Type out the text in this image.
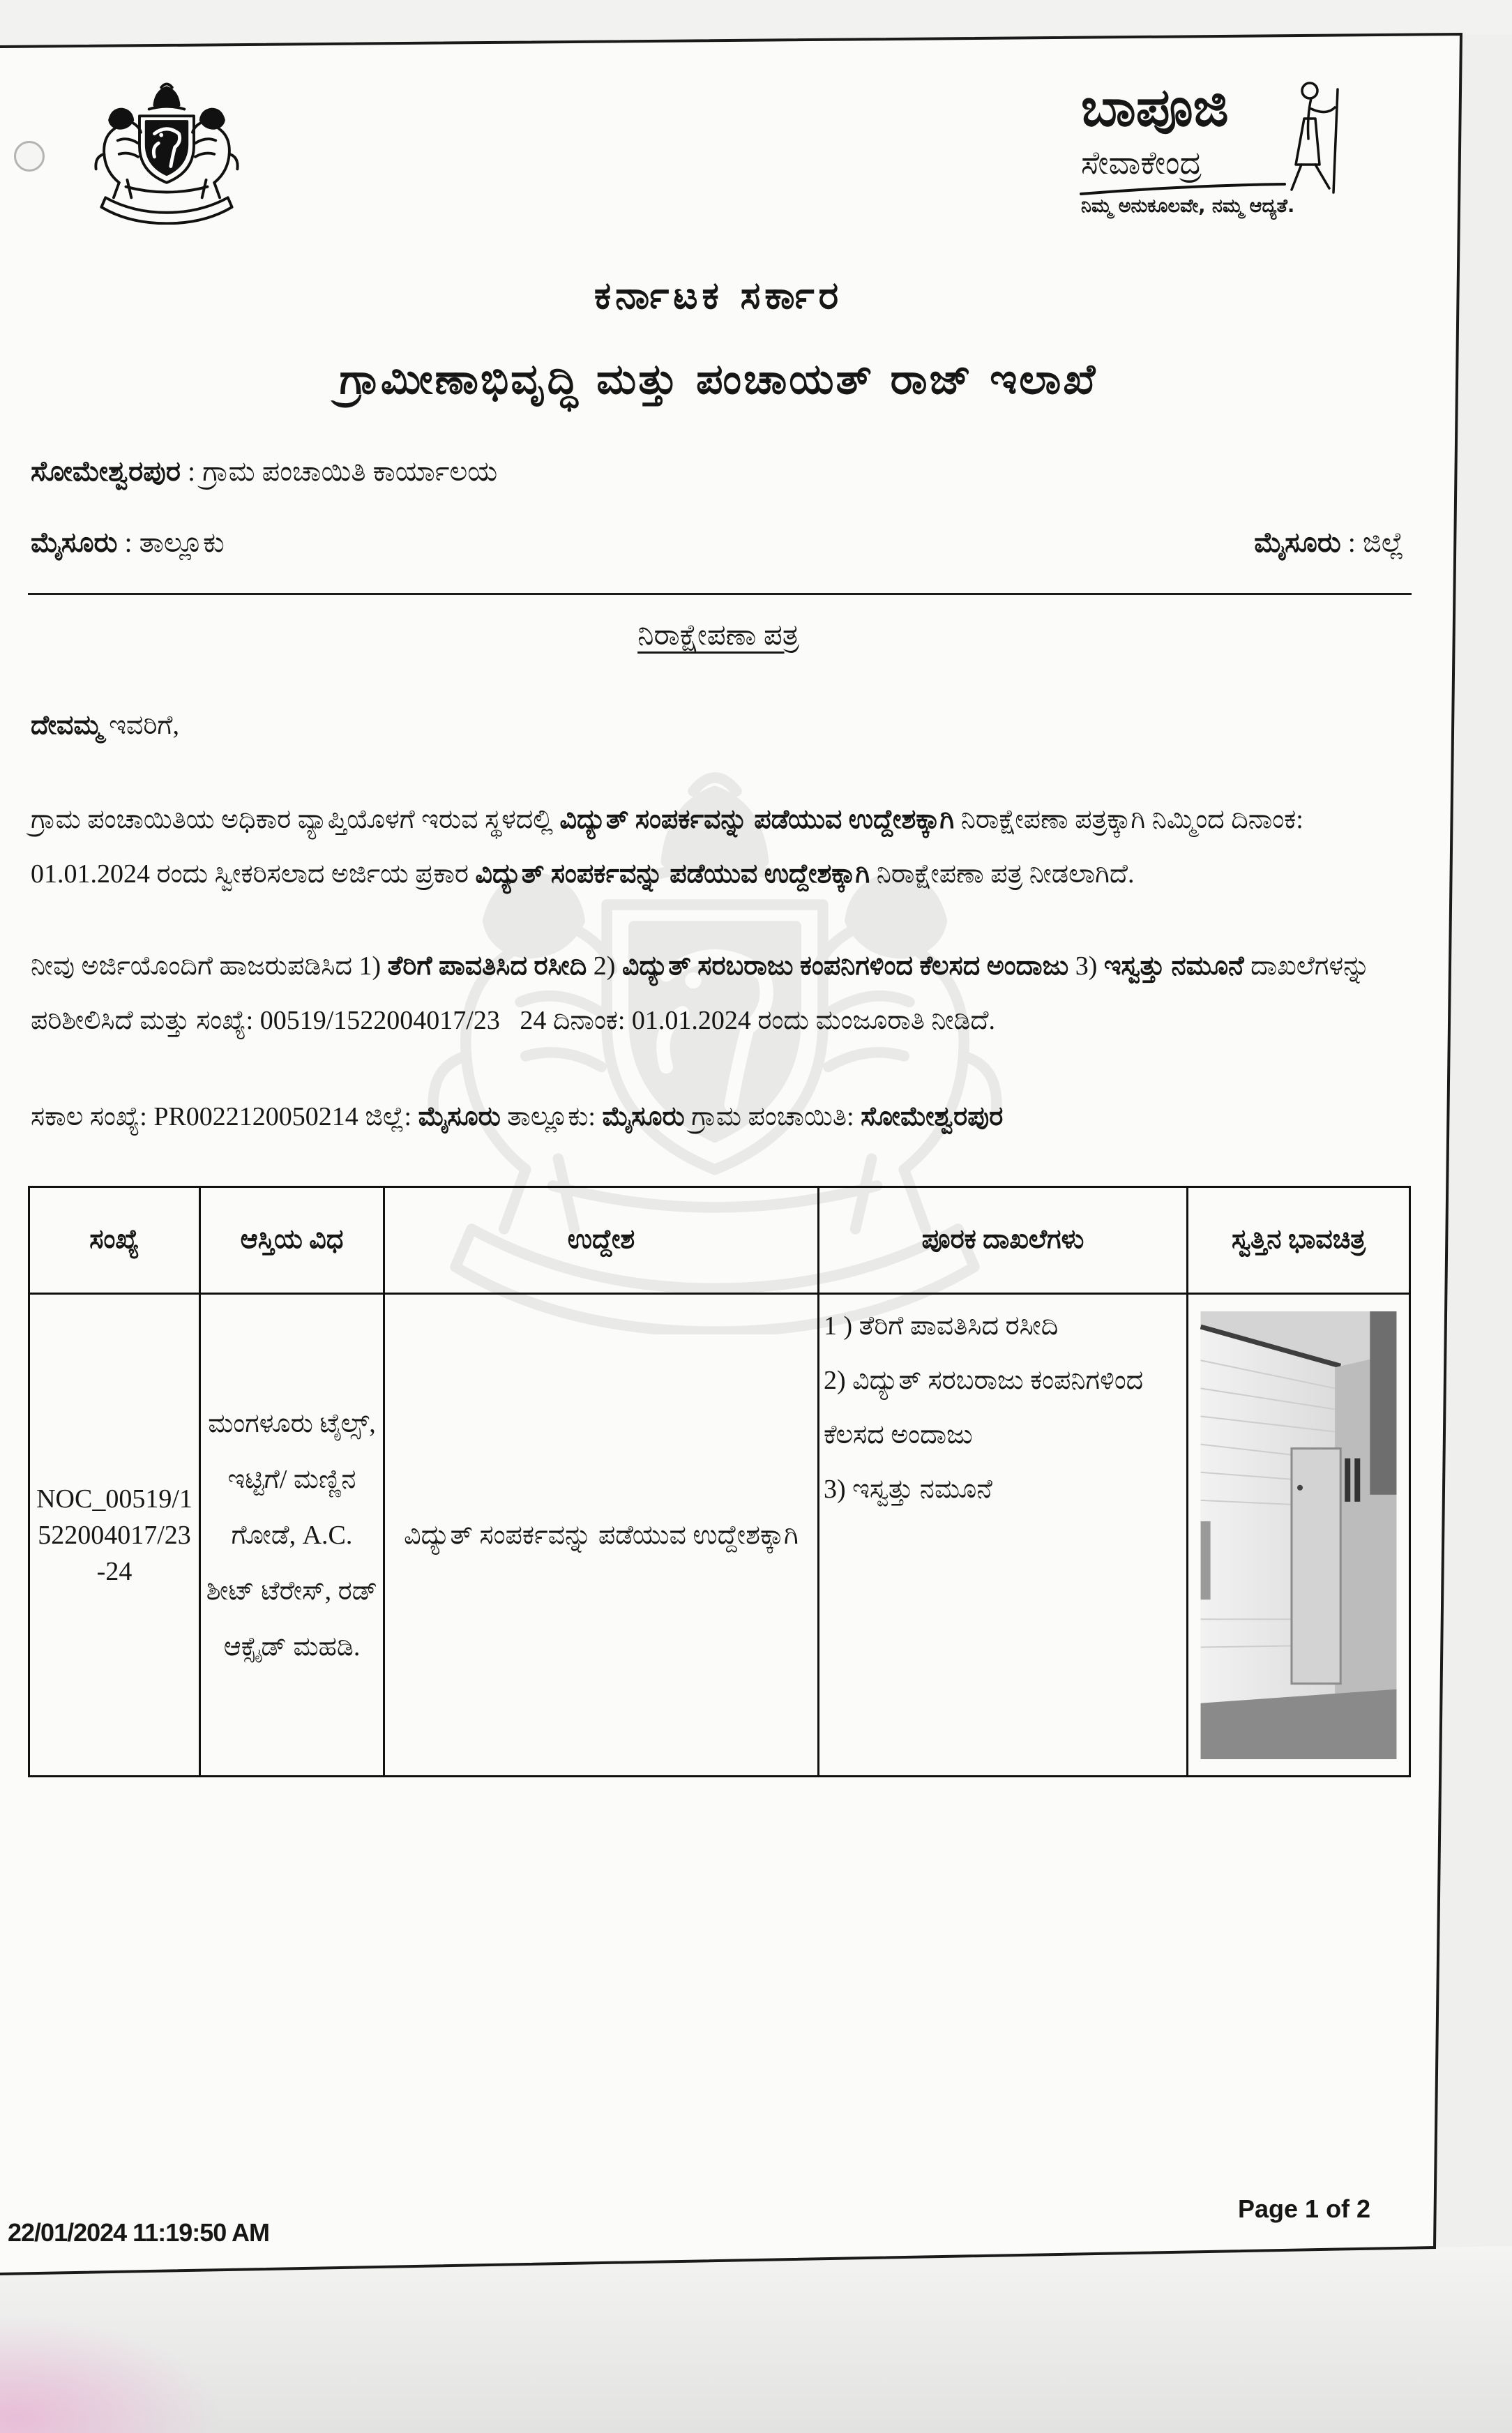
ಬಾಪೂಜಿ
ಸೇವಾಕೇಂದ್ರ
ನಿಮ್ಮ ಅನುಕೂಲವೇ, ನಮ್ಮ ಆದ್ಯತೆ.
ಕರ್ನಾಟಕ ಸರ್ಕಾರ
ಗ್ರಾಮೀಣಾಭಿವೃದ್ಧಿ ಮತ್ತು ಪಂಚಾಯತ್ ರಾಜ್ ಇಲಾಖೆ
ಸೋಮೇಶ್ವರಪುರ : ಗ್ರಾಮ ಪಂಚಾಯಿತಿ ಕಾರ್ಯಾಲಯ
ಮೈಸೂರು : ತಾಲ್ಲೂಕು	ಮೈಸೂರು : ಜಿಲ್ಲೆ
ನಿರಾಕ್ಷೇಪಣಾ ಪತ್ರ

ದೇವಮ್ಮ ಇವರಿಗೆ,

ಗ್ರಾಮ ಪಂಚಾಯಿತಿಯ ಅಧಿಕಾರ ವ್ಯಾಪ್ತಿಯೊಳಗೆ ಇರುವ ಸ್ಥಳದಲ್ಲಿ ವಿದ್ಯುತ್ ಸಂಪರ್ಕವನ್ನು ಪಡೆಯುವ ಉದ್ದೇಶಕ್ಕಾಗಿ ನಿರಾಕ್ಷೇಪಣಾ ಪತ್ರಕ್ಕಾಗಿ ನಿಮ್ಮಿಂದ ದಿನಾಂಕ: 01.01.2024 ರಂದು ಸ್ವೀಕರಿಸಲಾದ ಅರ್ಜಿಯ ಪ್ರಕಾರ ವಿದ್ಯುತ್ ಸಂಪರ್ಕವನ್ನು ಪಡೆಯುವ ಉದ್ದೇಶಕ್ಕಾಗಿ ನಿರಾಕ್ಷೇಪಣಾ ಪತ್ರ ನೀಡಲಾಗಿದೆ.

ನೀವು ಅರ್ಜಿಯೊಂದಿಗೆ ಹಾಜರುಪಡಿಸಿದ 1) ತೆರಿಗೆ ಪಾವತಿಸಿದ ರಸೀದಿ 2) ವಿದ್ಯುತ್ ಸರಬರಾಜು ಕಂಪನಿಗಳಿಂದ ಕೆಲಸದ ಅಂದಾಜು 3) ಇಸ್ವತ್ತು ನಮೂನೆ ದಾಖಲೆಗಳನ್ನು ಪರಿಶೀಲಿಸಿದೆ ಮತ್ತು ಸಂಖ್ಯೆ: 00519/1522004017/23   24 ದಿನಾಂಕ: 01.01.2024 ರಂದು ಮಂಜೂರಾತಿ ನೀಡಿದೆ.

ಸಕಾಲ ಸಂಖ್ಯೆ: PR0022120050214 ಜಿಲ್ಲೆ: ಮೈಸೂರು ತಾಲ್ಲೂಕು: ಮೈಸೂರು ಗ್ರಾಮ ಪಂಚಾಯಿತಿ: ಸೋಮೇಶ್ವರಪುರ

ಸಂಖ್ಯೆ	ಆಸ್ತಿಯ ವಿಧ	ಉದ್ದೇಶ	ಪೂರಕ ದಾಖಲೆಗಳು	ಸ್ವತ್ತಿನ ಭಾವಚಿತ್ರ
NOC_00519/1522004017/23-24	ಮಂಗಳೂರು ಟೈಲ್ಸ್, ಇಟ್ಟಿಗೆ/ ಮಣ್ಣಿನ ಗೋಡೆ, A.C. ಶೀಟ್ ಟೆರೇಸ್, ರಡ್ ಆಕ್ಸೈಡ್ ಮಹಡಿ.	ವಿದ್ಯುತ್ ಸಂಪರ್ಕವನ್ನು ಪಡೆಯುವ ಉದ್ದೇಶಕ್ಕಾಗಿ	1 ) ತೆರಿಗೆ ಪಾವತಿಸಿದ ರಸೀದಿ
2) ವಿದ್ಯುತ್ ಸರಬರಾಜು ಕಂಪನಿಗಳಿಂದ ಕೆಲಸದ ಅಂದಾಜು
3) ಇಸ್ವತ್ತು ನಮೂನೆ

Page 1 of 2
22/01/2024 11:19:50 AM
